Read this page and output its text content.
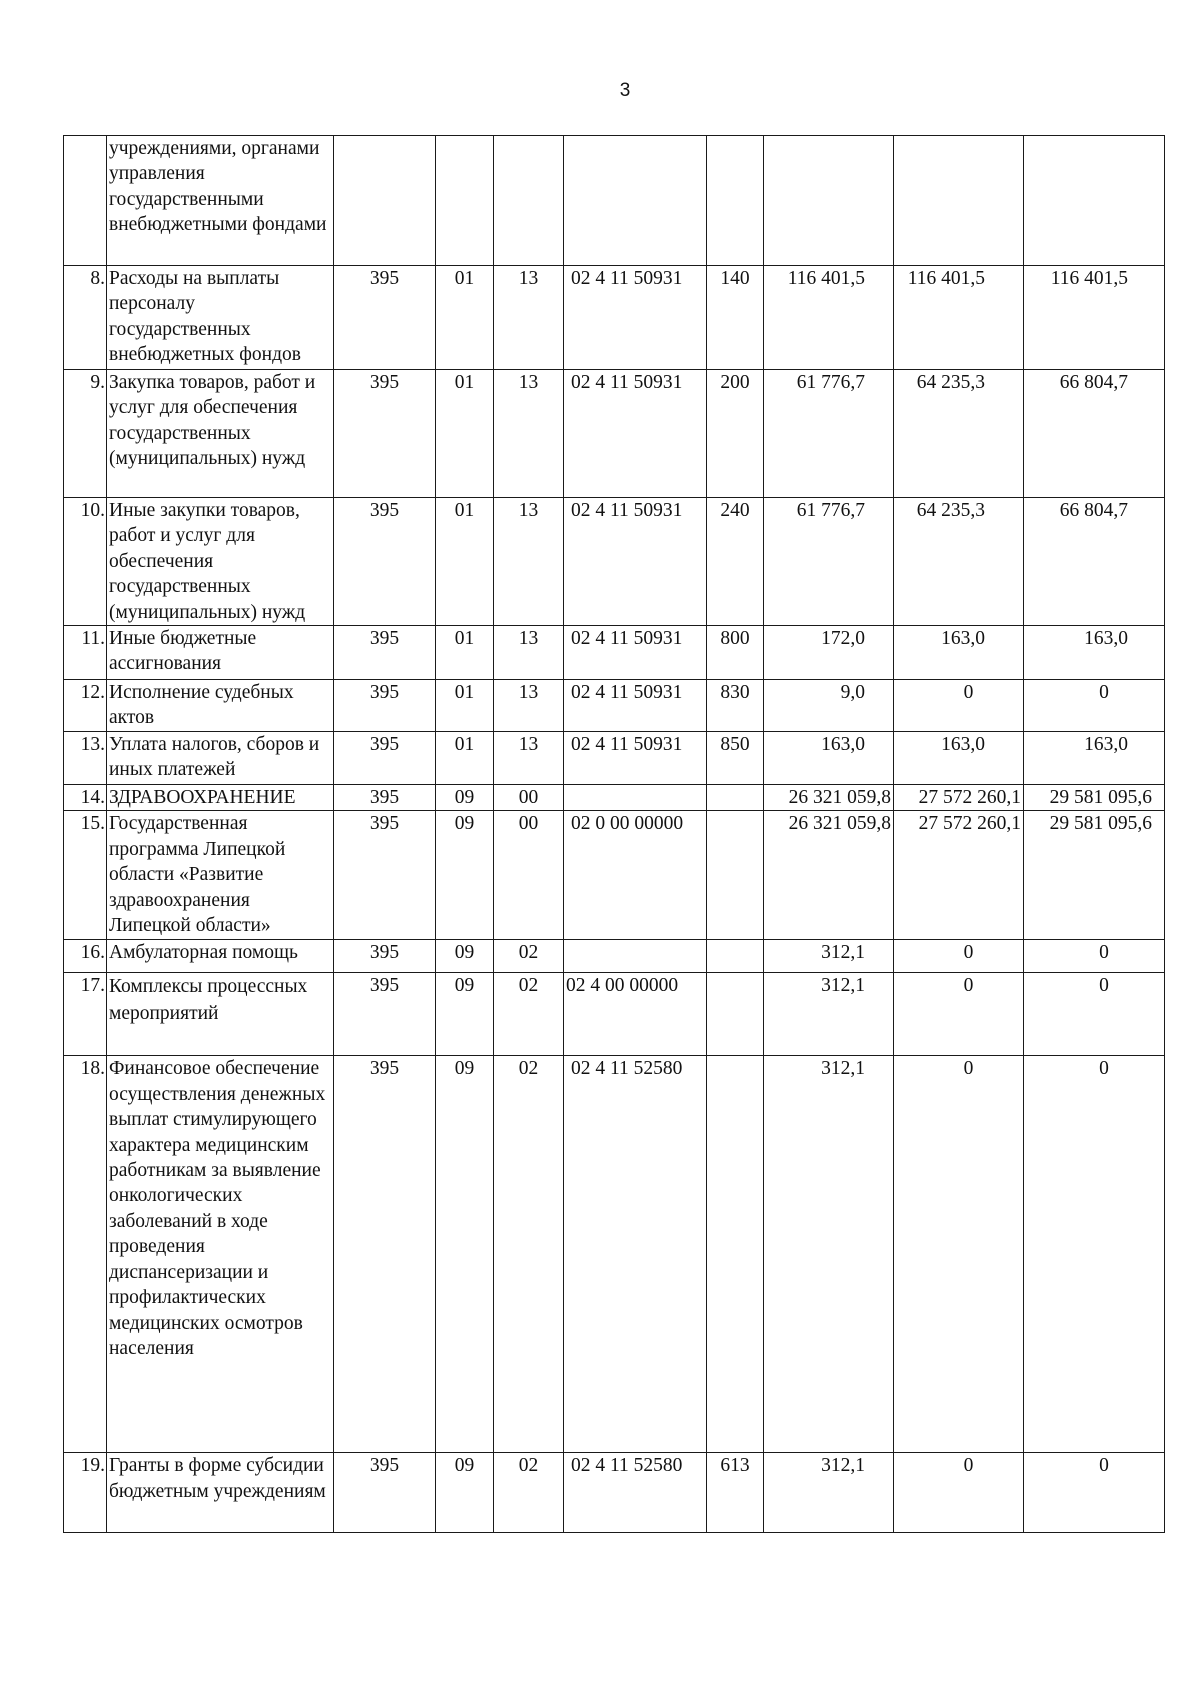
3
	учреждениями, органами управления государственными внебюджетными фондами								
8.	Расходы на выплаты персоналу государственных внебюджетных фондов	395	01	13	02 4 11 50931	140	116 401,5	116 401,5	116 401,5
9.	Закупка товаров, работ и услуг для обеспечения государственных (муниципальных) нужд	395	01	13	02 4 11 50931	200	61 776,7	64 235,3	66 804,7
10.	Иные закупки товаров, работ и услуг для обеспечения государственных (муниципальных) нужд	395	01	13	02 4 11 50931	240	61 776,7	64 235,3	66 804,7
11.	Иные бюджетные ассигнования	395	01	13	02 4 11 50931	800	172,0	163,0	163,0
12.	Исполнение судебных актов	395	01	13	02 4 11 50931	830	9,0	0	0
13.	Уплата налогов, сборов и иных платежей	395	01	13	02 4 11 50931	850	163,0	163,0	163,0
14.	ЗДРАВООХРАНЕНИЕ	395	09	00			26 321 059,8	27 572 260,1	29 581 095,6
15.	Государственная программа Липецкой области «Развитие здравоохранения Липецкой области»	395	09	00	02 0 00 00000		26 321 059,8	27 572 260,1	29 581 095,6
16.	Амбулаторная помощь	395	09	02			312,1	0	0
17.	Комплексы процессных мероприятий	395	09	02	02 4 00 00000		312,1	0	0
18.	Финансовое обеспечение осуществления денежных выплат стимулирующего характера медицинским работникам за выявление онкологических заболеваний в ходе проведения диспансеризации и профилактических медицинских осмотров населения	395	09	02	02 4 11 52580		312,1	0	0
19.	Гранты в форме субсидии бюджетным учреждениям	395	09	02	02 4 11 52580	613	312,1	0	0
